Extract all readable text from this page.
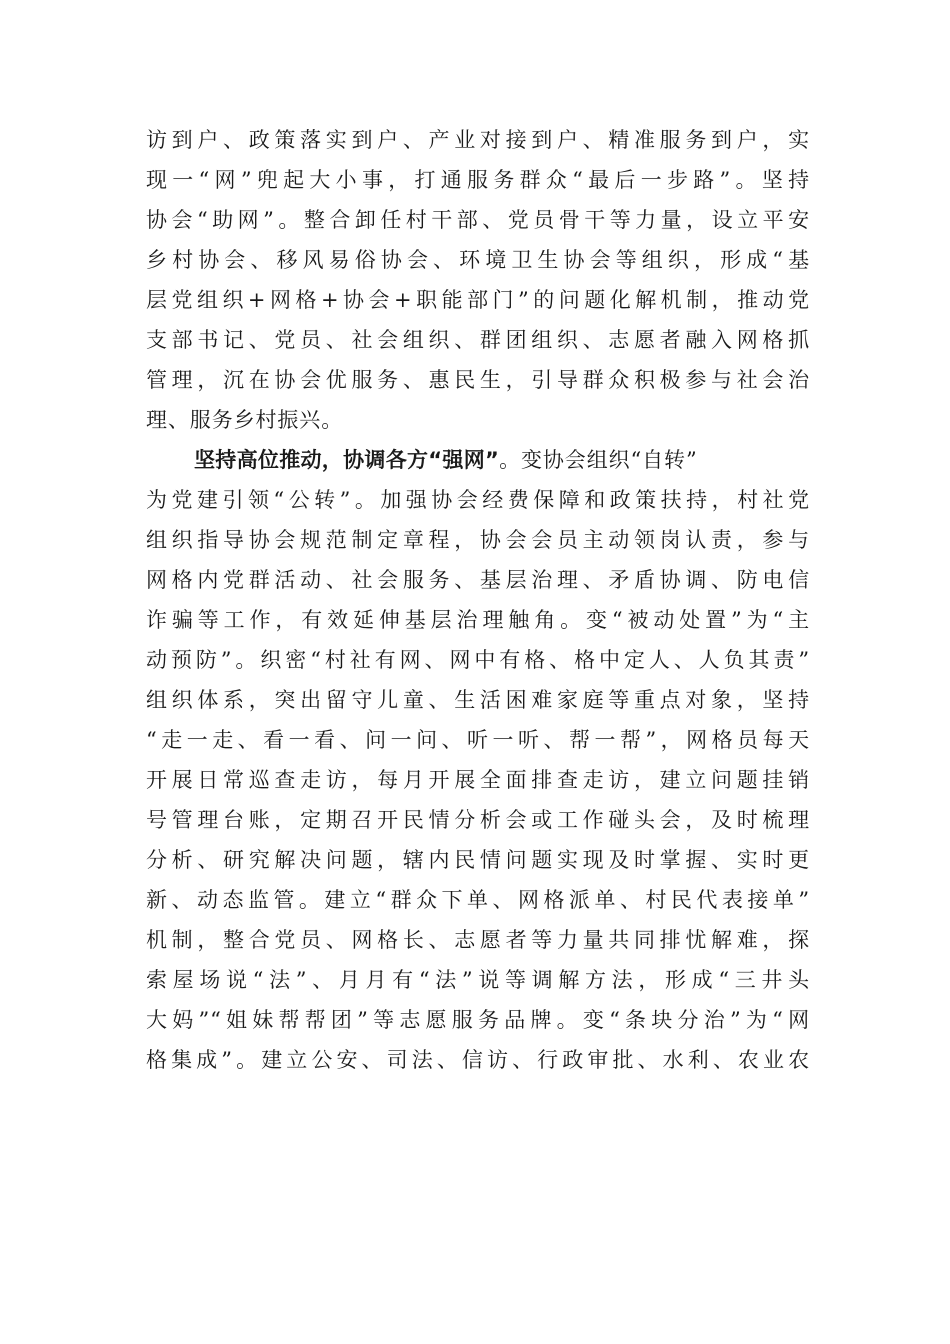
访到户、政策落实到户、产业对接到户、精准服务到户，实
现一“网”兜起大小事，打通服务群众“最后一步路”。坚持
协会“助网”。整合卸任村干部、党员骨干等力量，设立平安
乡村协会、移风易俗协会、环境卫生协会等组织，形成“基
层党组织+网格+协会+职能部门”的问题化解机制，推动党
支部书记、党员、社会组织、群团组织、志愿者融入网格抓
管理，沉在协会优服务、惠民生，引导群众积极参与社会治
理、服务乡村振兴。
坚持高位推动，协调各方“强网”。变协会组织“自转”
为党建引领“公转”。加强协会经费保障和政策扶持，村社党
组织指导协会规范制定章程，协会会员主动领岗认责，参与
网格内党群活动、社会服务、基层治理、矛盾协调、防电信
诈骗等工作，有效延伸基层治理触角。变“被动处置”为“主
动预防”。织密“村社有网、网中有格、格中定人、人负其责”
组织体系，突出留守儿童、生活困难家庭等重点对象，坚持
“走一走、看一看、问一问、听一听、帮一帮”，网格员每天
开展日常巡查走访，每月开展全面排查走访，建立问题挂销
号管理台账，定期召开民情分析会或工作碰头会，及时梳理
分析、研究解决问题，辖内民情问题实现及时掌握、实时更
新、动态监管。建立“群众下单、网格派单、村民代表接单”
机制，整合党员、网格长、志愿者等力量共同排忧解难，探
索屋场说“法”、月月有“法”说等调解方法，形成“三井头
大妈”“姐妹帮帮团”等志愿服务品牌。变“条块分治”为“网
格集成”。建立公安、司法、信访、行政审批、水利、农业农
